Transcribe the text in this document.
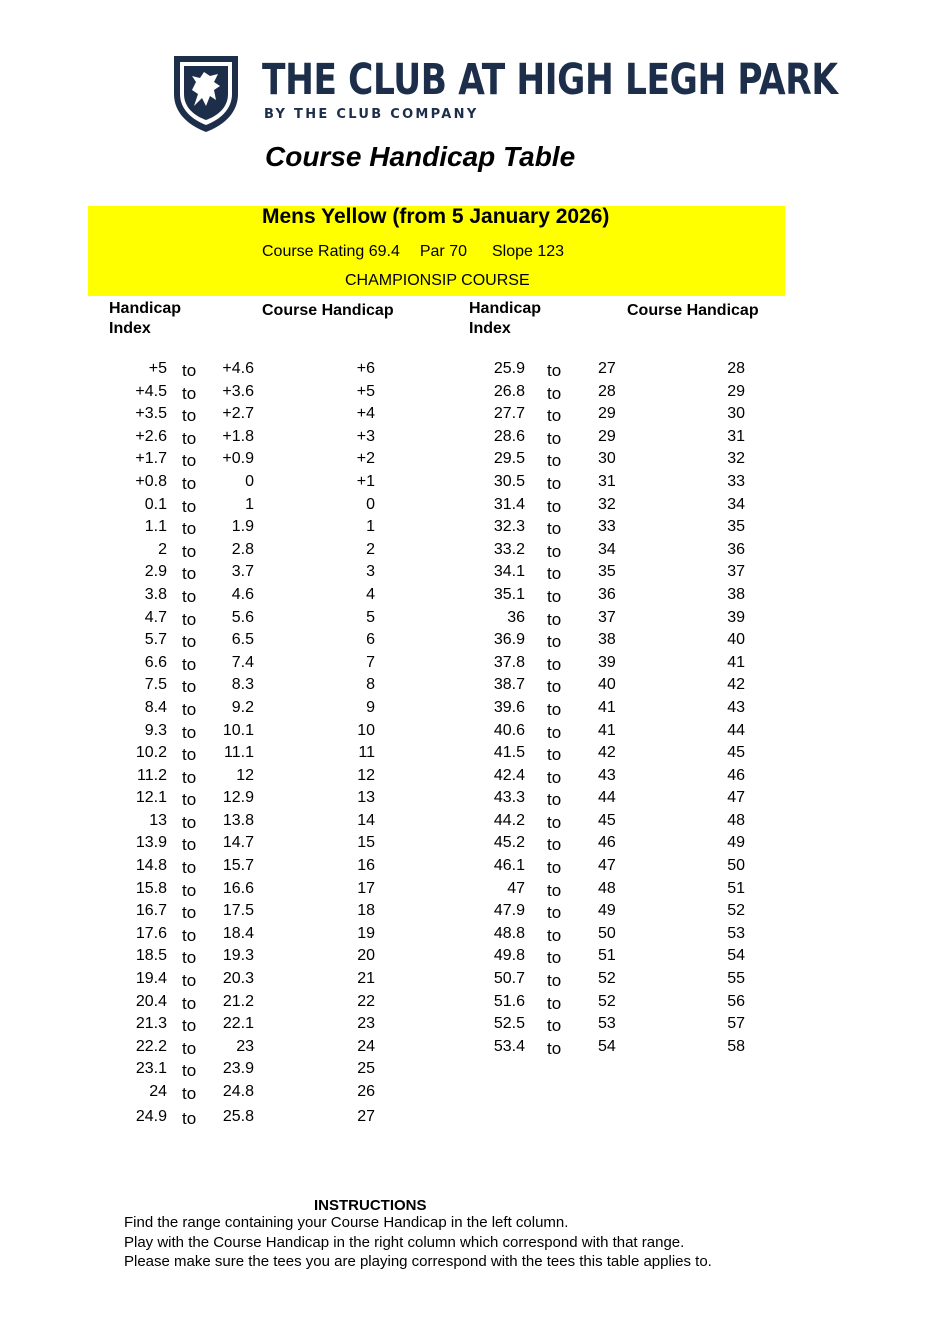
THE CLUB AT HIGH LEGH PARK
BY THE CLUB COMPANY
Course Handicap Table
Mens Yellow (from 5 January 2026)
Course Rating 69.4 Par 70 Slope 123
CHAMPIONSIP COURSE
Handicap Index
Course Handicap	Handicap Index
Course Handicap
+5 to +4.6	+6
+4.5 to +3.6	+5
+3.5 to +2.7	+4
+2.6 to +1.8	+3
+1.7 to +0.9	+2
+0.8 to	0	+1
0.1 to	1	0
1.1 to 1.9	1
2 to 2.8	2
2.9 to 3.7	3
3.8 to 4.6	4
4.7 to 5.6	5
5.7 to 6.5	6
6.6 to 7.4	7
7.5 to 8.3	8
8.4 to 9.2	9
9.3 to 10.1	10
10.2 to 11.1	11
11.2 to	12	12
12.1 to 12.9	13
13 to 13.8	14
13.9 to 14.7	15
14.8 to 15.7	16
15.8 to 16.6	17
16.7 to 17.5	18
17.6 to 18.4	19
18.5 to 19.3	20
19.4 to 20.3	21
20.4 to 21.2	22
21.3 to 22.1	23
22.2 to	23	24
23.1 to 23.9	25
24 to 24.8	26
24.9 to 25.8	27
25.9 to 27	28
26.8 to 28	29
27.7 to 29	30
28.6 to 29	31
29.5 to 30	32
30.5 to 31	33
31.4 to 32	34
32.3 to 33	35
33.2 to 34	36
34.1 to 35	37
35.1 to 36	38
36 to 37	39
36.9 to 38	40
37.8 to 39	41
38.7 to 40	42
39.6 to 41	43
40.6 to 41	44
41.5 to 42	45
42.4 to 43	46
43.3 to 44	47
44.2 to 45	48
45.2 to 46	49
46.1 to 47	50
47 to 48	51
47.9 to 49	52
48.8 to 50	53
49.8 to 51	54
50.7 to 52	55
51.6 to 52	56
52.5 to 53	57
53.4 to 54	58
INSTRUCTIONS
Find the range containing your Course Handicap in the left column.
Play with the Course Handicap in the right column which correspond with that range.
Please make sure the tees you are playing correspond with the tees this table applies to.
